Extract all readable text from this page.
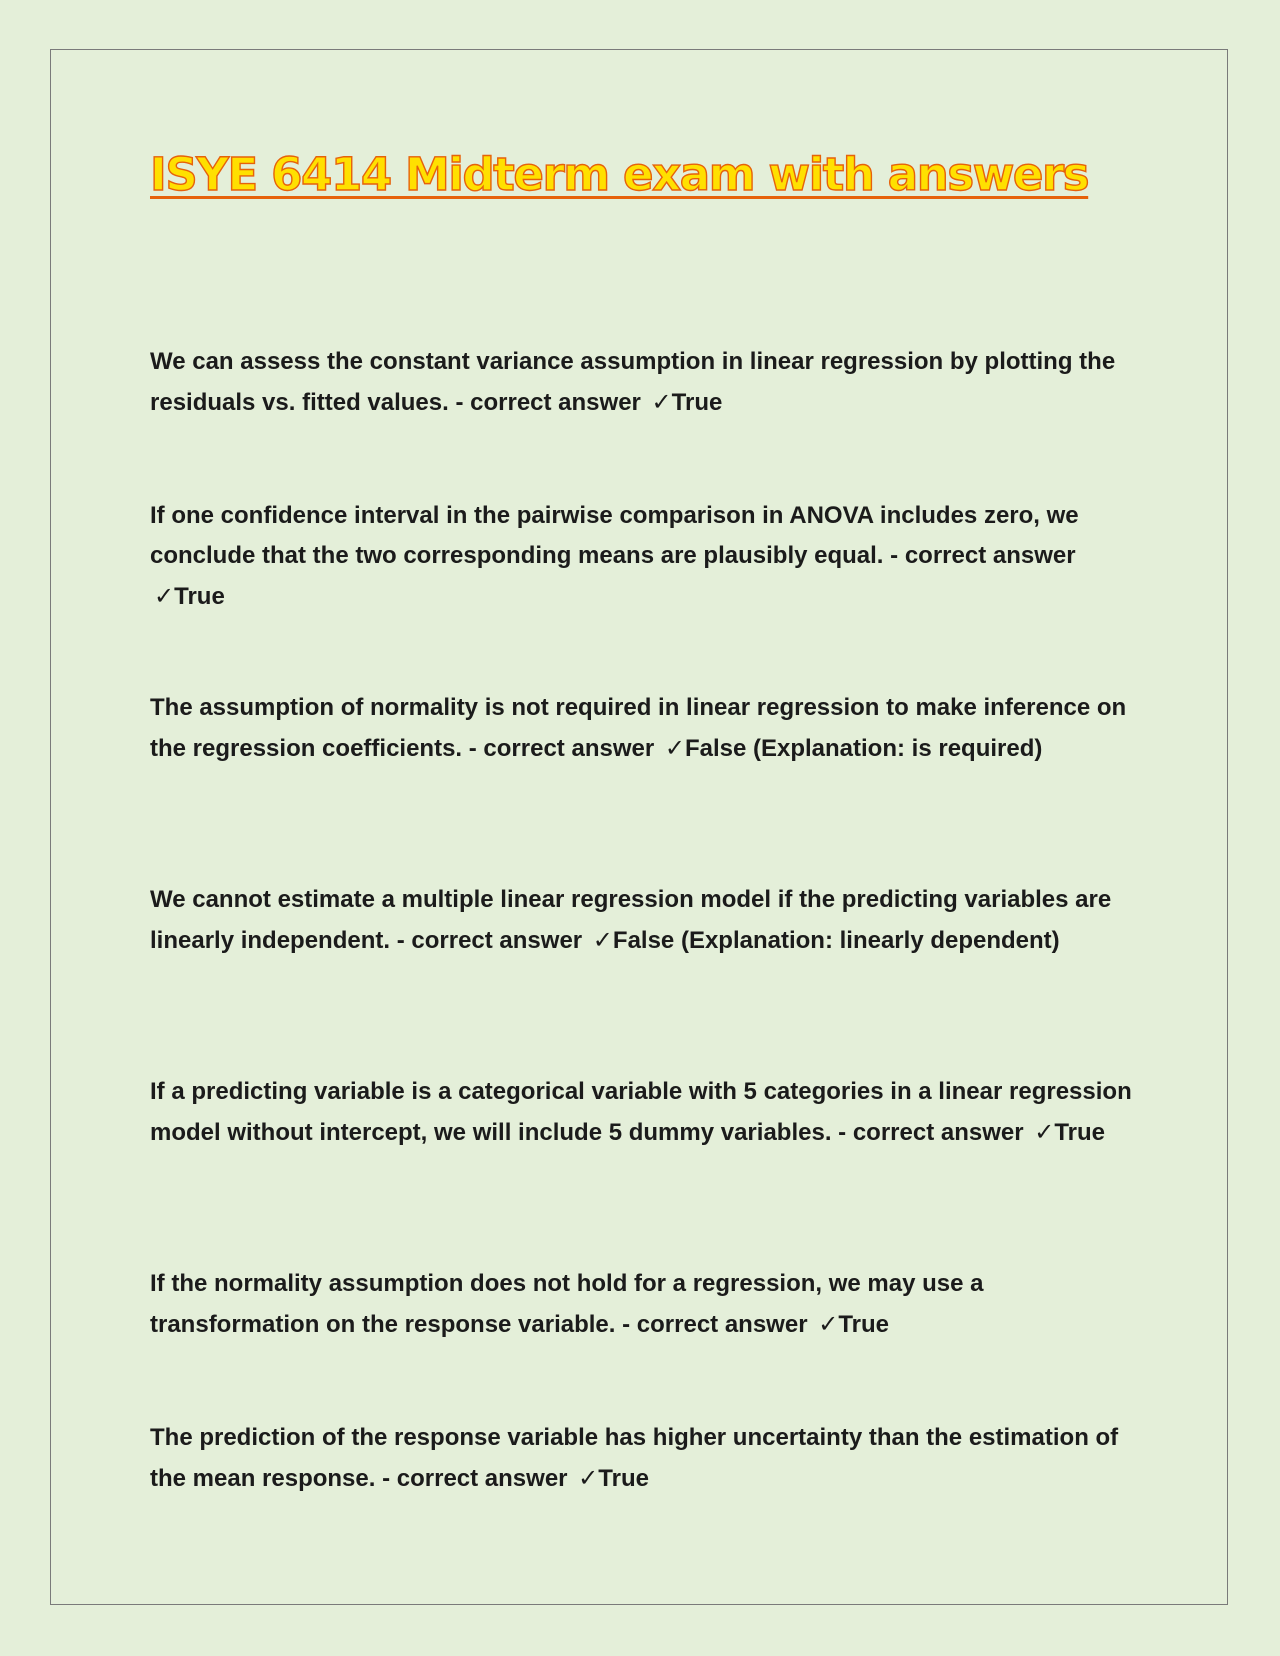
ISYE 6414 Midterm exam with answers

We can assess the constant variance assumption in linear regression by plotting the residuals vs. fitted values. - correct answer ✓True

If one confidence interval in the pairwise comparison in ANOVA includes zero, we conclude that the two corresponding means are plausibly equal. - correct answer ✓True

The assumption of normality is not required in linear regression to make inference on the regression coefficients. - correct answer ✓False (Explanation: is required)

We cannot estimate a multiple linear regression model if the predicting variables are linearly independent. - correct answer ✓False (Explanation: linearly dependent)

If a predicting variable is a categorical variable with 5 categories in a linear regression model without intercept, we will include 5 dummy variables. - correct answer ✓True

If the normality assumption does not hold for a regression, we may use a transformation on the response variable. - correct answer ✓True

The prediction of the response variable has higher uncertainty than the estimation of the mean response. - correct answer ✓True
